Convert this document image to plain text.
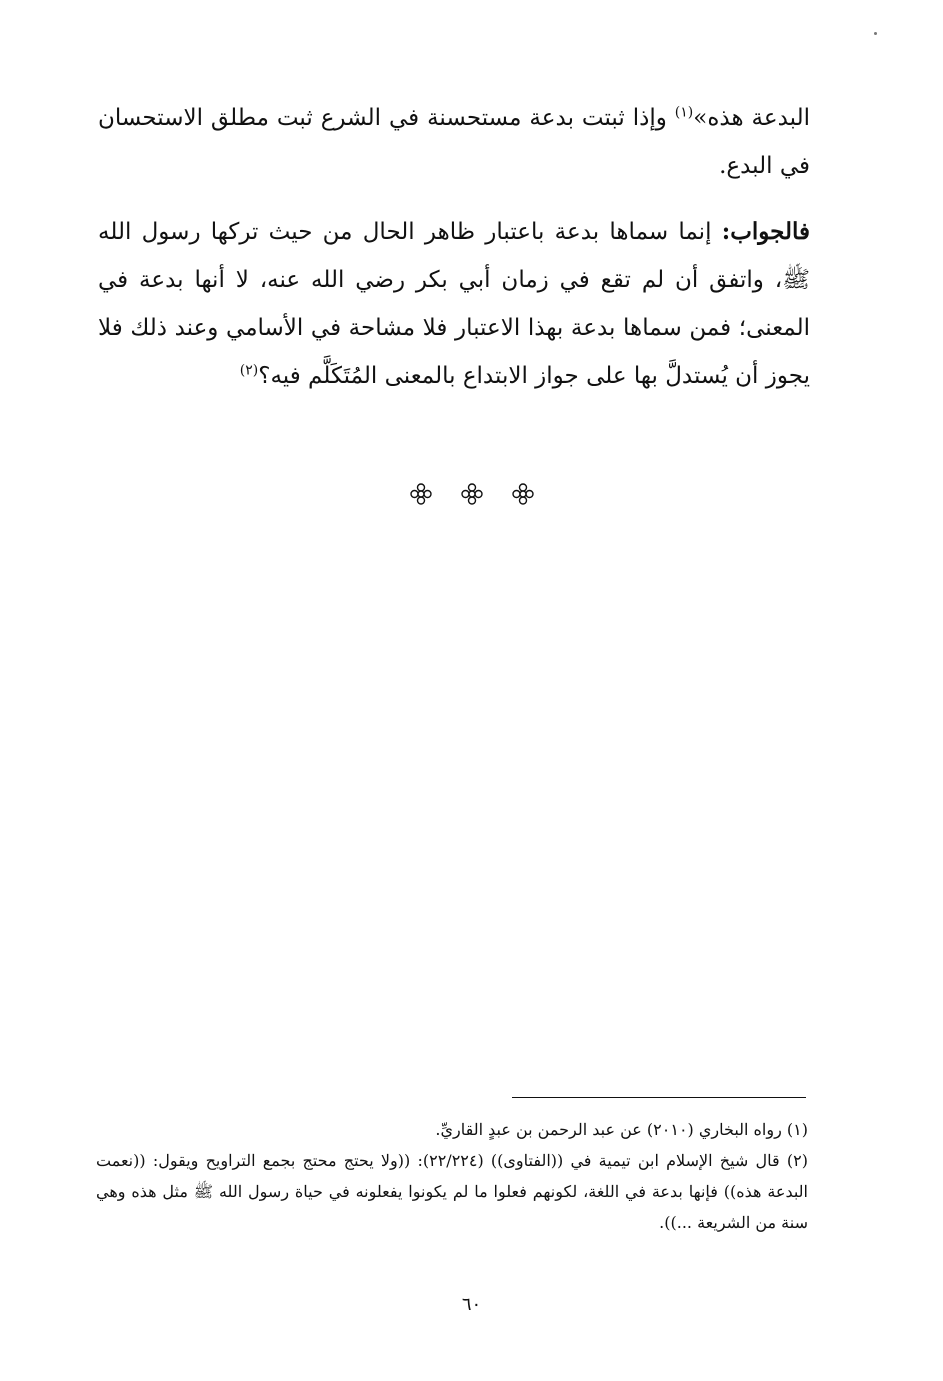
البدعة هذه»$^{(١)}$ وإذا ثبتت بدعة مستحسنة في الشرع ثبت مطلق الاستحسان في البدع.

فالجواب: إنما سماها بدعة باعتبار ظاهر الحال من حيث تركها رسول الله ﷺ، واتفق أن لم تقع في زمان أبي بكر رضي الله عنه، لا أنها بدعة في المعنى؛ فمن سماها بدعة بهذا الاعتبار فلا مشاحة في الأسامي وعند ذلك فلا يجوز أن يُستدلَّ بها على جواز الابتداع بالمعنى المُتَكَلَّم فيه؟$^{(٢)}$

(١) رواه البخاري (٢٠١٠) عن عبد الرحمن بن عبدٍ القاريِّ.

(٢) قال شيخ الإسلام ابن تيمية في ((الفتاوى)) (٢٢/٢٢٤): ((ولا يحتج محتج بجمع التراويح ويقول: ((نعمت البدعة هذه)) فإنها بدعة في اللغة، لكونهم فعلوا ما لم يكونوا يفعلونه في حياة رسول الله ﷺ مثل هذه وهي سنة من الشريعة ...)).

٦٠
